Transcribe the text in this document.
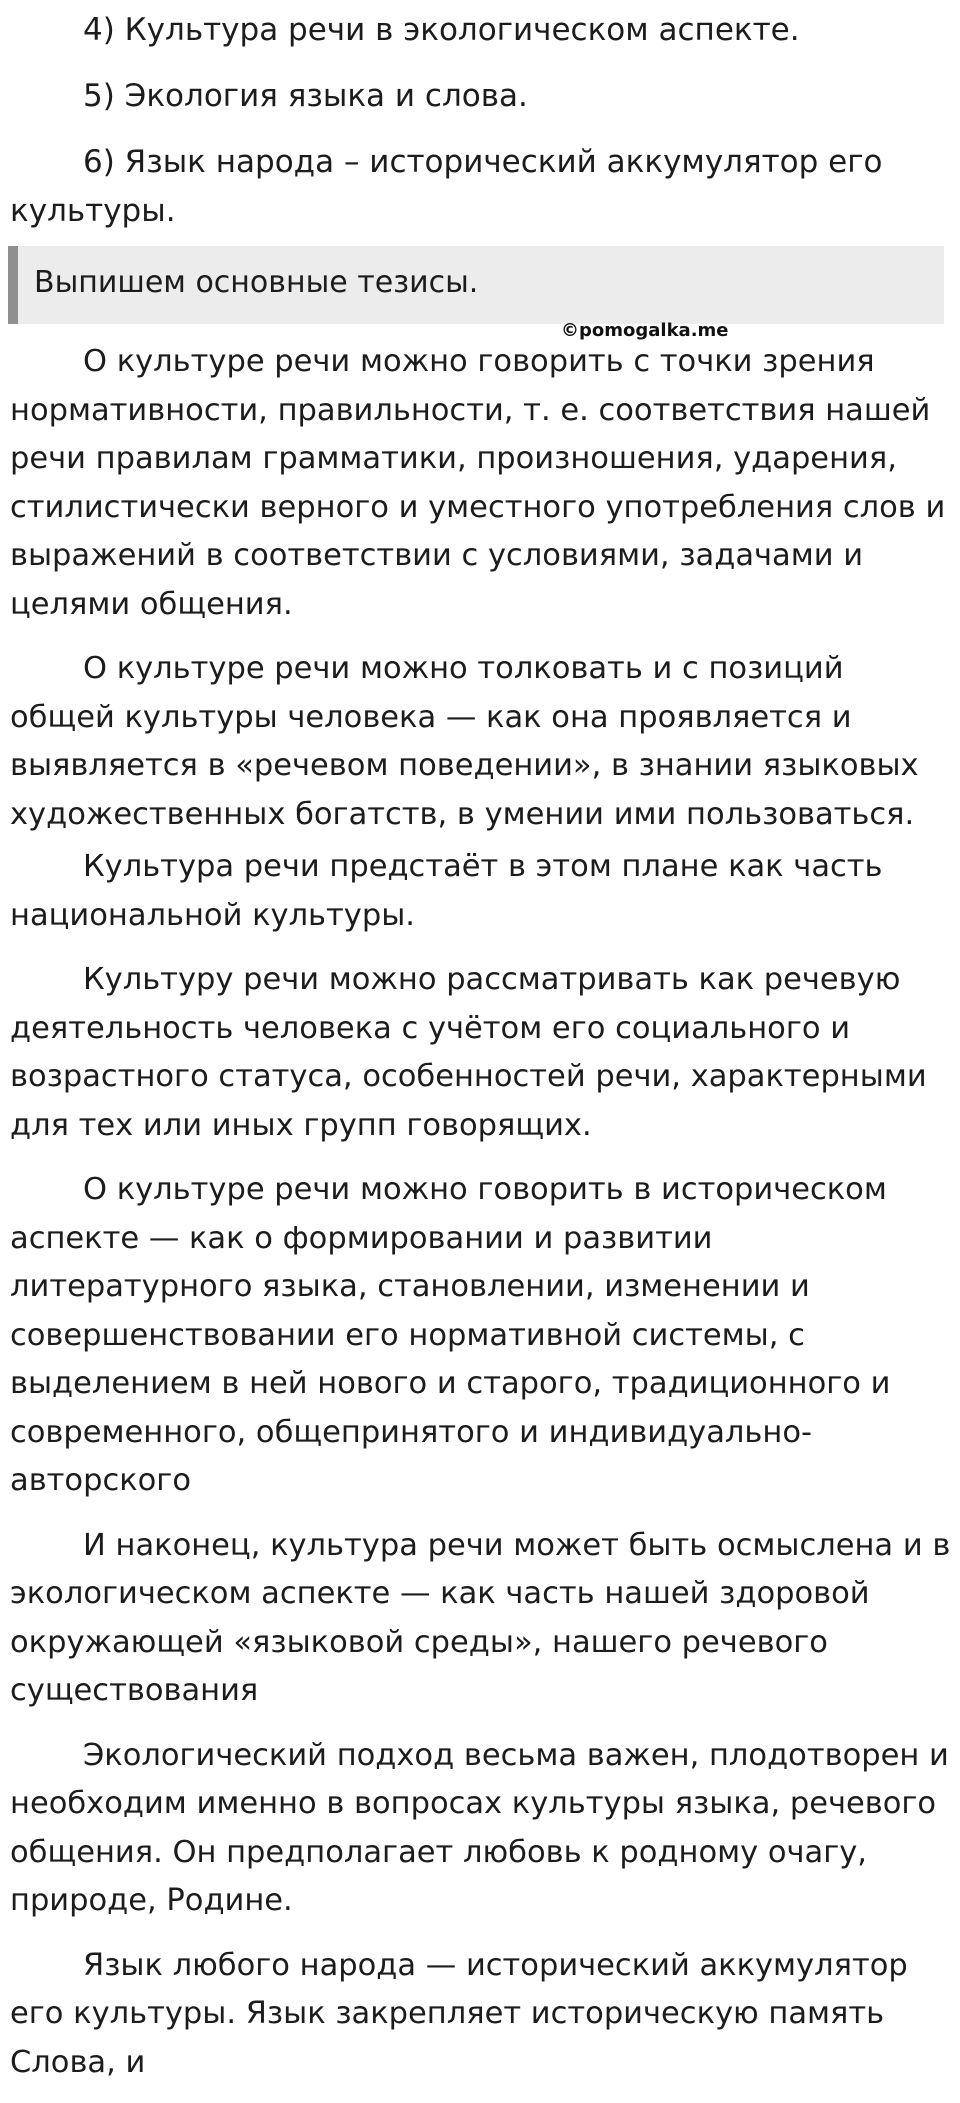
4) Культура речи в экологическом аспекте.

5) Экология языка и слова.

6) Язык народа – исторический аккумулятор его культуры.

Выпишем основные тезисы.
©pomogalka.me

О культуре речи можно говорить с точки зрения нормативности, правильности, т. е. соответствия нашей речи правилам грамматики, произношения, ударения, стилистически верного и уместного употребления слов и выражений в соответствии с условиями, задачами и целями общения.

О культуре речи можно толковать и с позиций общей культуры человека — как она проявляется и выявляется в «речевом поведении», в знании языковых художественных богатств, в умении ими пользоваться.

Культура речи предстаёт в этом плане как часть национальной культуры.

Культуру речи можно рассматривать как речевую деятельность человека с учётом его социального и возрастного статуса, особенностей речи, характерными для тех или иных групп говорящих.

О культуре речи можно говорить в историческом аспекте — как о формировании и развитии литературного языка, становлении, изменении и совершенствовании его нормативной системы, с выделением в ней нового и старого, традиционного и современного, общепринятого и индивидуально-авторского

И наконец, культура речи может быть осмыслена и в экологическом аспекте — как часть нашей здоровой окружающей «языковой среды», нашего речевого существования

Экологический подход весьма важен, плодотворен и необходим именно в вопросах культуры языка, речевого общения. Он предполагает любовь к родному очагу, природе, Родине.

Язык любого народа — исторический аккумулятор его культуры. Язык закрепляет историческую память Слова, и
